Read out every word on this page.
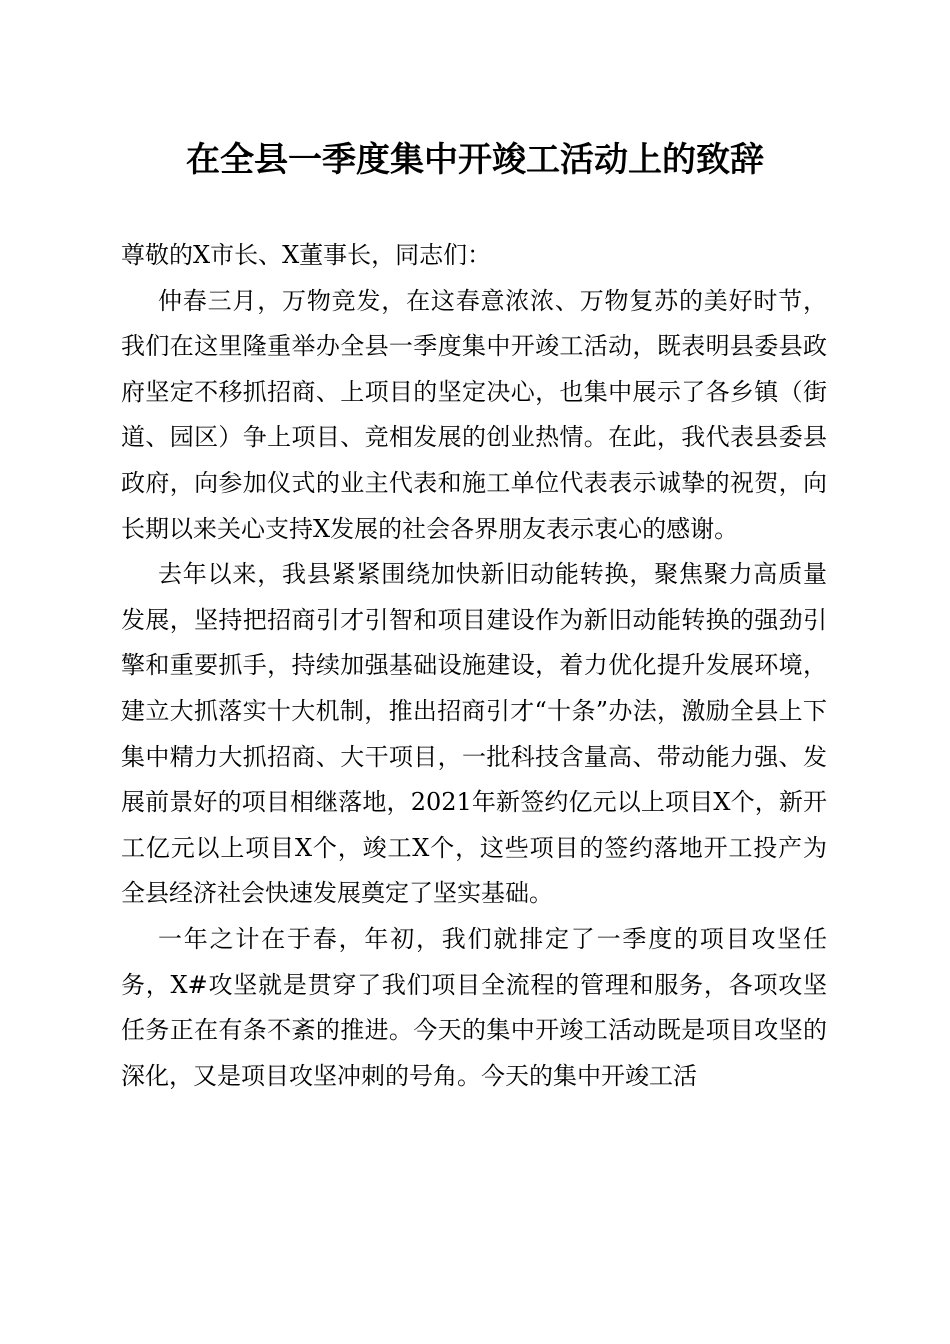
在全县一季度集中开竣工活动上的致辞

尊敬的X市长、X董事长，同志们：

仲春三月，万物竞发，在这春意浓浓、万物复苏的美好时节，我们在这里隆重举办全县一季度集中开竣工活动，既表明县委县政府坚定不移抓招商、上项目的坚定决心，也集中展示了各乡镇（街道、园区）争上项目、竞相发展的创业热情。在此，我代表县委县政府，向参加仪式的业主代表和施工单位代表表示诚挚的祝贺，向长期以来关心支持X发展的社会各界朋友表示衷心的感谢。

去年以来，我县紧紧围绕加快新旧动能转换，聚焦聚力高质量发展，坚持把招商引才引智和项目建设作为新旧动能转换的强劲引擎和重要抓手，持续加强基础设施建设，着力优化提升发展环境，建立大抓落实十大机制，推出招商引才“十条”办法，激励全县上下集中精力大抓招商、大干项目，一批科技含量高、带动能力强、发展前景好的项目相继落地，2021年新签约亿元以上项目X个，新开工亿元以上项目X个，竣工X个，这些项目的签约落地开工投产为全县经济社会快速发展奠定了坚实基础。

一年之计在于春，年初，我们就排定了一季度的项目攻坚任务，X#攻坚就是贯穿了我们项目全流程的管理和服务，各项攻坚任务正在有条不紊的推进。今天的集中开竣工活动既是项目攻坚的深化，又是项目攻坚冲刺的号角。今天的集中开竣工活
